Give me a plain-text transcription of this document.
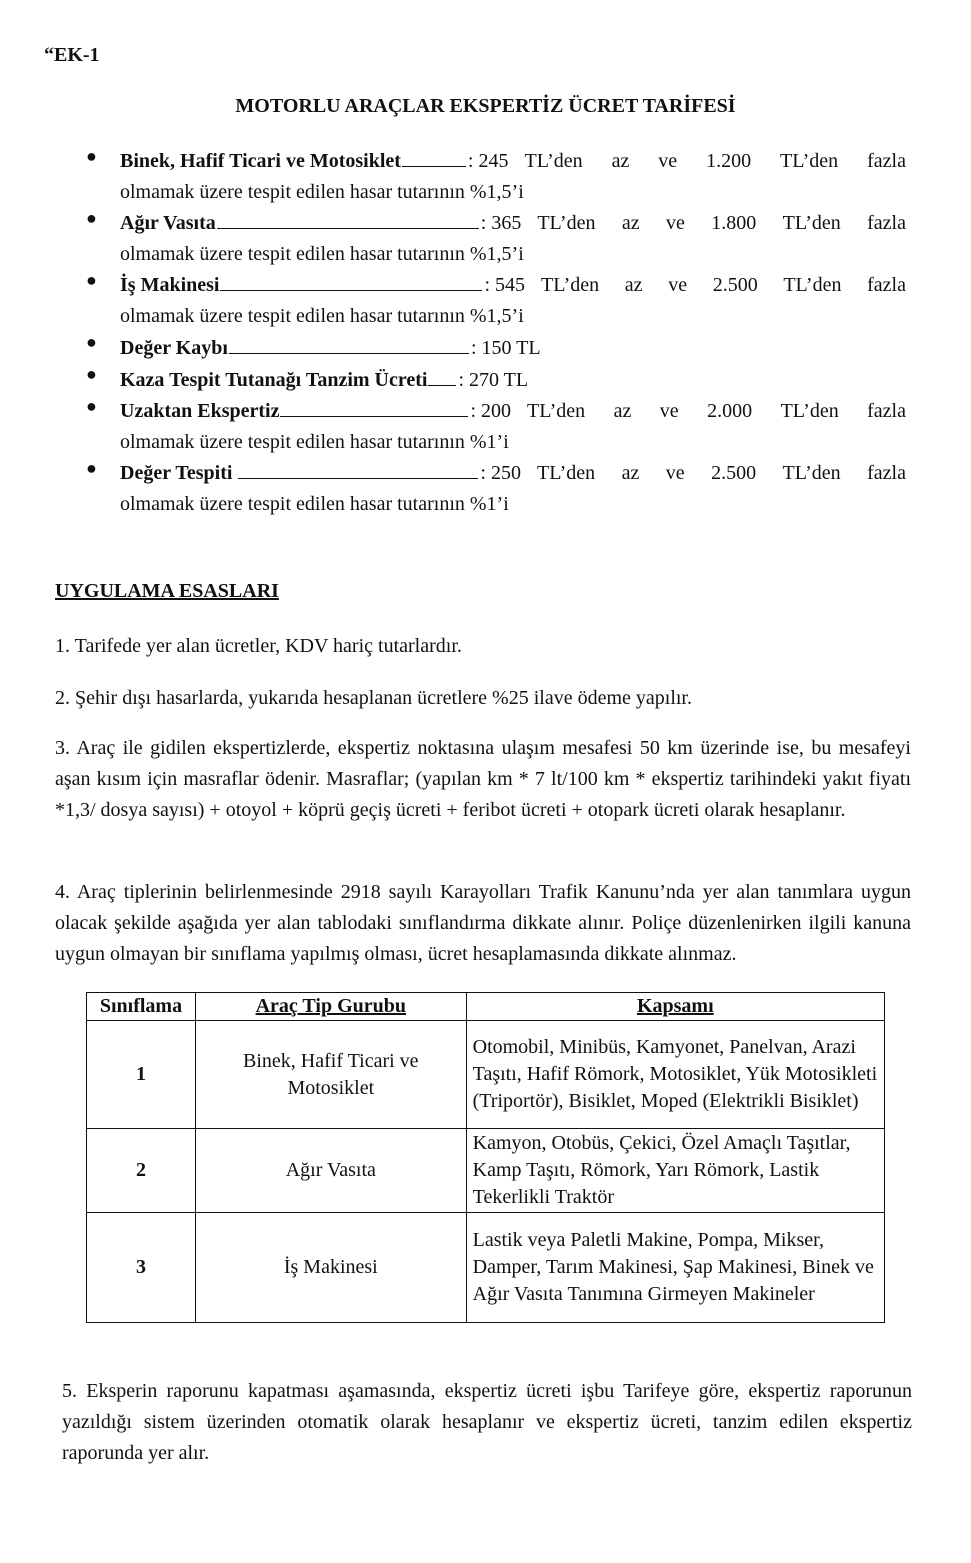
“EK-1
MOTORLU ARAÇLAR EKSPERTİZ ÜCRET TARİFESİ
● Binek, Hafif Ticari ve Motosiklet	: 245 TL’den az ve 1.200 TL’den fazla
olmamak üzere tespit edilen hasar tutarının %1,5’i
● Ağır Vasıta	: 365 TL’den az ve 1.800 TL’den fazla
olmamak üzere tespit edilen hasar tutarının %1,5’i
● İş Makinesi	: 545 TL’den az ve 2.500 TL’den fazla
olmamak üzere tespit edilen hasar tutarının %1,5’i
● Değer Kaybı	: 150 TL
● Kaza Tespit Tutanağı Tanzim Ücreti : 270 TL
● Uzaktan Ekspertiz	: 200 TL’den az ve 2.000 TL’den fazla
olmamak üzere tespit edilen hasar tutarının %1’i
● Değer Tespiti	: 250 TL’den az ve 2.500 TL’den fazla
olmamak üzere tespit edilen hasar tutarının %1’i
UYGULAMA ESASLARI

1. Tarifede yer alan ücretler, KDV hariç tutarlardır.

2. Şehir dışı hasarlarda, yukarıda hesaplanan ücretlere %25 ilave ödeme yapılır.

3. Araç ile gidilen ekspertizlerde, ekspertiz noktasına ulaşım mesafesi 50 km üzerinde ise, bu mesafeyi aşan kısım için masraflar ödenir. Masraflar; (yapılan km * 7 lt/100 km * ekspertiz tarihindeki yakıt fiyatı *1,3/ dosya sayısı) + otoyol + köprü geçiş ücreti + feribot ücreti + otopark ücreti olarak hesaplanır.

4. Araç tiplerinin belirlenmesinde 2918 sayılı Karayolları Trafik Kanunu’nda yer alan tanımlara uygun olacak şekilde aşağıda yer alan tablodaki sınıflandırma dikkate alınır. Poliçe düzenlenirken ilgili kanuna uygun olmayan bir sınıflama yapılmış olması, ücret hesaplamasında dikkate alınmaz.

Sınıflama	Araç Tip Gurubu	Kapsamı
1	Binek, Hafif Ticari ve Motosiklet	Otomobil, Minibüs, Kamyonet, Panelvan, Arazi Taşıtı, Hafif Römork, Motosiklet, Yük Motosikleti (Triportör), Bisiklet, Moped (Elektrikli Bisiklet)
2	Ağır Vasıta	Kamyon, Otobüs, Çekici, Özel Amaçlı Taşıtlar, Kamp Taşıtı, Römork, Yarı Römork, Lastik Tekerlikli Traktör
3	İş Makinesi	Lastik veya Paletli Makine, Pompa, Mikser, Damper, Tarım Makinesi, Şap Makinesi, Binek ve Ağır Vasıta Tanımına Girmeyen Makineler

5. Eksperin raporunu kapatması aşamasında, ekspertiz ücreti işbu Tarifeye göre, ekspertiz raporunun yazıldığı sistem üzerinden otomatik olarak hesaplanır ve ekspertiz ücreti, tanzim edilen ekspertiz raporunda yer alır.
